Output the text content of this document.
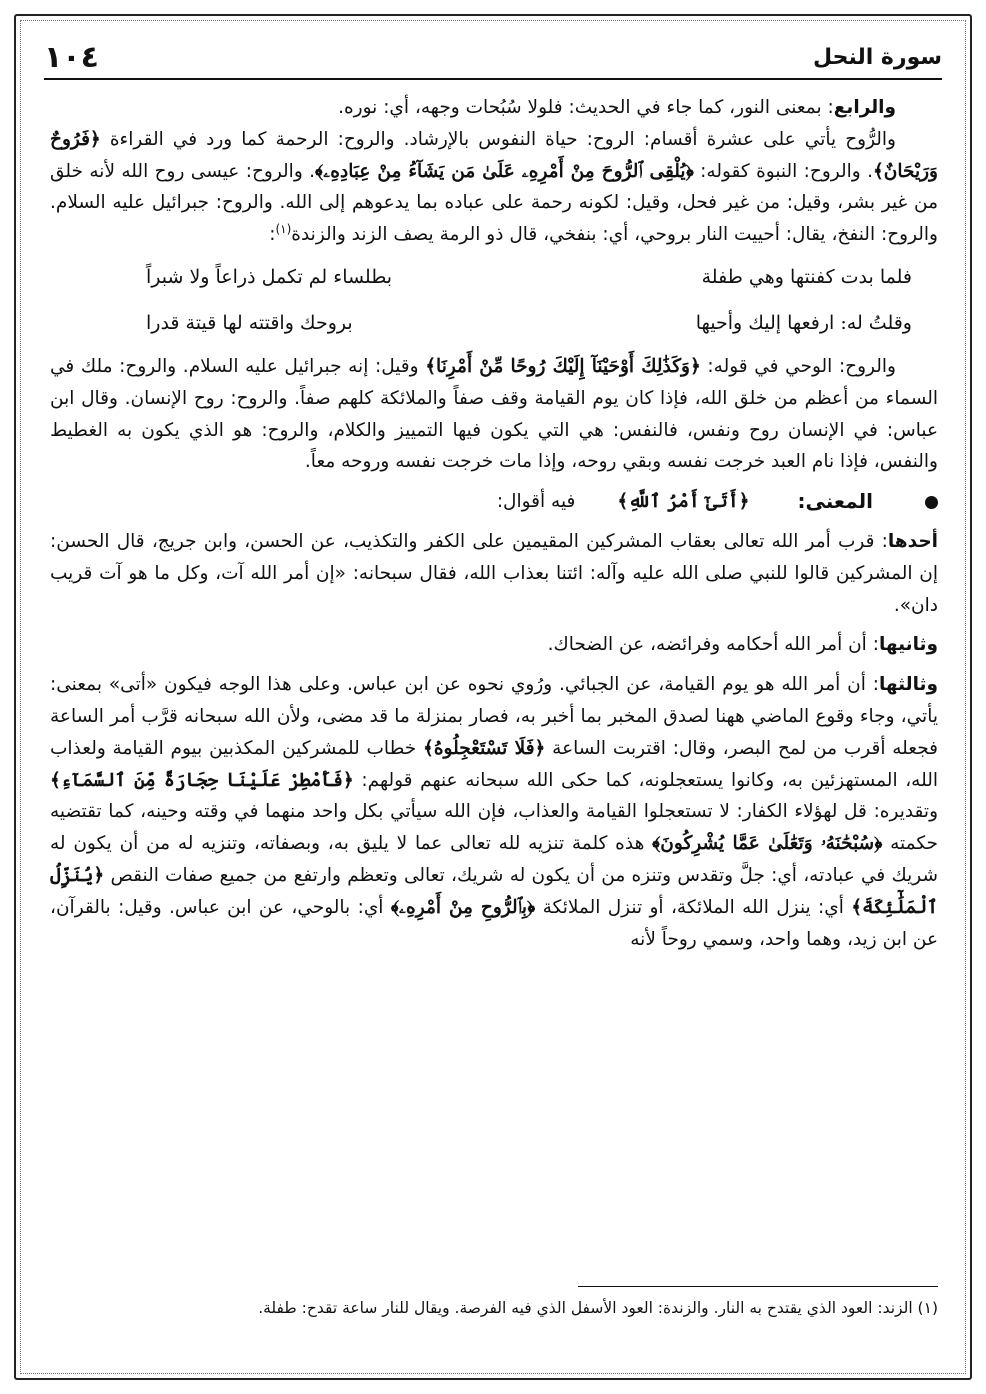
سورة النحل
١٠٤

والرابع: بمعنى النور، كما جاء في الحديث: فلولا سُبُحات وجهه، أي: نوره.

والرُّوح يأتي على عشرة أقسام: الروح: حياة النفوس بالإرشاد. والروح: الرحمة كما ورد في القراءة ﴿فَرُوحٌ وَرَيْحَانٌ﴾. والروح: النبوة كقوله: ﴿يُلْقِى ٱلرُّوحَ مِنْ أَمْرِهِۦ عَلَىٰ مَن يَشَآءُ مِنْ عِبَادِهِۦ﴾. والروح: عيسى روح الله لأنه خلق من غير بشر، وقيل: من غير فحل، وقيل: لكونه رحمة على عباده بما يدعوهم إلى الله. والروح: جبرائيل عليه السلام. والروح: النفخ، يقال: أحييت النار بروحي، أي: بنفخي، قال ذو الرمة يصف الزند والزندة$^{(١)}$:

فلما بدت كفنتها وهي طفلة
بطلساء لم تكمل ذراعاً ولا شبراً
وقلتُ له: ارفعها إليك وأحيها
بروحك واقتته لها قيتة قدرا

والروح: الوحي في قوله: ﴿وَكَذَٰلِكَ أَوْحَيْنَآ إِلَيْكَ رُوحًا مِّنْ أَمْرِنَا﴾ وقيل: إنه جبرائيل عليه السلام. والروح: ملك في السماء من أعظم من خلق الله، فإذا كان يوم القيامة وقف صفاً والملائكة كلهم صفاً. والروح: روح الإنسان. وقال ابن عباس: في الإنسان روح ونفس، فالنفس: هي التي يكون فيها التمييز والكلام، والروح: هو الذي يكون به الغطيط والنفس، فإذا نام العبد خرجت نفسه وبقي روحه، وإذا مات خرجت نفسه وروحه معاً.

المعنى:
﴿أَتَىٰٓ أَمْرُ ٱللَّهِ﴾
فيه أقوال:

أحدها: قرب أمر الله تعالى بعقاب المشركين المقيمين على الكفر والتكذيب، عن الحسن، وابن جريج، قال الحسن: إن المشركين قالوا للنبي صلى الله عليه وآله: ائتنا بعذاب الله، فقال سبحانه: «إن أمر الله آت، وكل ما هو آت قريب دان».

وثانيها: أن أمر الله أحكامه وفرائضه، عن الضحاك.

وثالثها: أن أمر الله هو يوم القيامة، عن الجبائي. ورُوي نحوه عن ابن عباس. وعلى هذا الوجه فيكون «أتى» بمعنى: يأتي، وجاء وقوع الماضي ههنا لصدق المخبر بما أخبر به، فصار بمنزلة ما قد مضى، ولأن الله سبحانه قرَّب أمر الساعة فجعله أقرب من لمح البصر، وقال: اقتربت الساعة ﴿فَلَا تَسْتَعْجِلُوهُ﴾ خطاب للمشركين المكذبين بيوم القيامة ولعذاب الله، المستهزئين به، وكانوا يستعجلونه، كما حكى الله سبحانه عنهم قولهم: ﴿فَأَمْطِرْ عَلَيْنَا حِجَارَةً مِّنَ ٱلسَّمَآءِ﴾ وتقديره: قل لهؤلاء الكفار: لا تستعجلوا القيامة والعذاب، فإن الله سيأتي بكل واحد منهما في وقته وحينه، كما تقتضيه حكمته ﴿سُبْحَٰنَهُۥ وَتَعَٰلَىٰ عَمَّا يُشْرِكُونَ﴾ هذه كلمة تنزيه لله تعالى عما لا يليق به، وبصفاته، وتنزيه له من أن يكون له شريك في عبادته، أي: جلَّ وتقدس وتنزه من أن يكون له شريك، تعالى وتعظم وارتفع من جميع صفات النقص ﴿يُنَزِّلُ ٱلْمَلَٰٓئِكَةَ﴾ أي: ينزل الله الملائكة، أو تنزل الملائكة ﴿بِٱلرُّوحِ مِنْ أَمْرِهِۦ﴾ أي: بالوحي، عن ابن عباس. وقيل: بالقرآن، عن ابن زيد، وهما واحد، وسمي روحاً لأنه

(١) الزند: العود الذي يقتدح به النار. والزندة: العود الأسفل الذي فيه الفرصة. ويقال للنار ساعة تقدح: طفلة.
